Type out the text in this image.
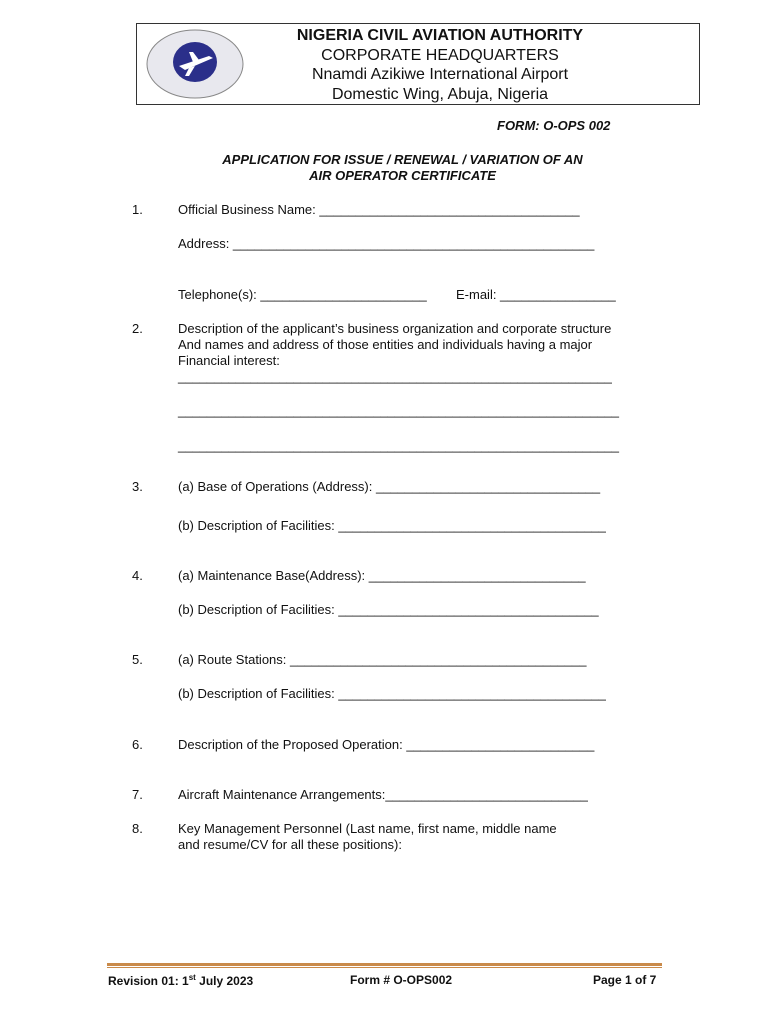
NIGERIA CIVIL AVIATION AUTHORITY
CORPORATE HEADQUARTERS
Nnamdi Azikiwe International Airport
Domestic Wing, Abuja, Nigeria
FORM: O-OPS 002
APPLICATION FOR ISSUE / RENEWAL / VARIATION OF AN
AIR OPERATOR CERTIFICATE
1.	Official Business Name: ____________________________________
Address: __________________________________________________
Telephone(s): _______________________ E-mail: ________________
2.	Description of the applicant’s business organization and corporate structure
And names and address of those entities and individuals having a major
Financial interest:
____________________________________________________________
_____________________________________________________________
_____________________________________________________________
3.	(a) Base of Operations (Address): _______________________________
(b) Description of Facilities: _____________________________________
4.	(a) Maintenance Base(Address): ______________________________
(b) Description of Facilities: ____________________________________
5.	(a) Route Stations: _________________________________________
(b) Description of Facilities: _____________________________________
6.	Description of the Proposed Operation: __________________________
7.	Aircraft Maintenance Arrangements:____________________________
8.	Key Management Personnel (Last name, first name, middle name
and resume/CV for all these positions):
Revision 01: 1st July 2023	Form # O-OPS002	Page 1 of 7
